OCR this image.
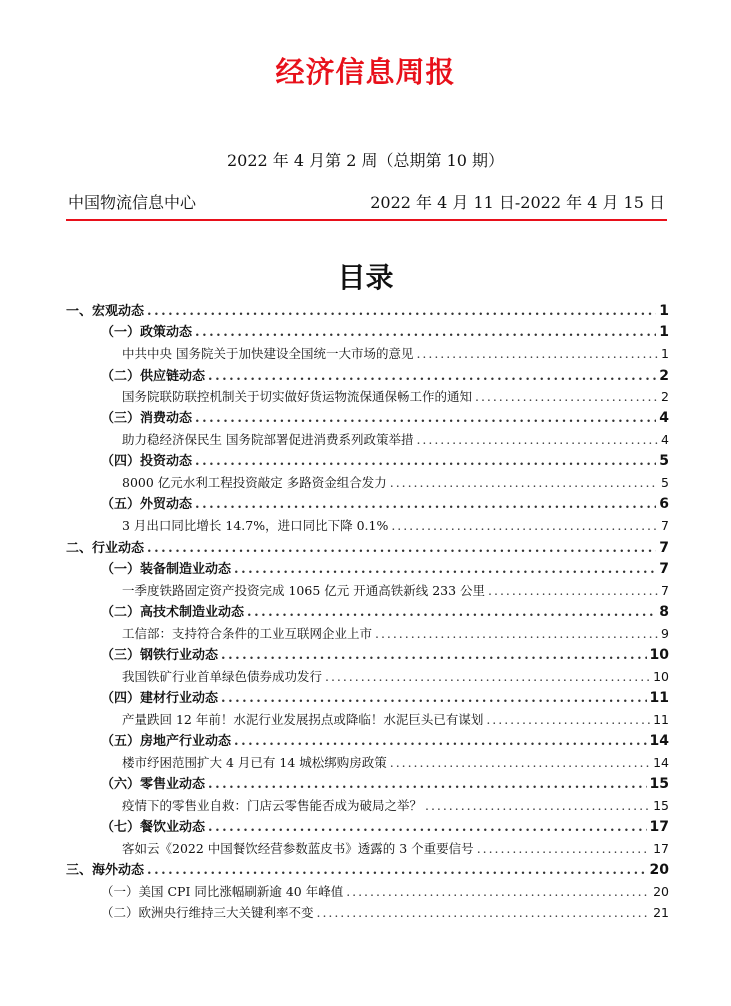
经济信息周报
2022 年 4 月第 2 周（总期第 10 期）
中国物流信息中心	2022 年 4 月 11 日-2022 年 4 月 15 日
目录
一、宏观动态 . . .	1
（一）政策动态 . . .	1
中共中央 国务院关于加快建设全国统一大市场的意见 . . .	1
（二）供应链动态 . . .	2
国务院联防联控机制关于切实做好货运物流保通保畅工作的通知 . . .	2
（三）消费动态 . . .	4
助力稳经济保民生 国务院部署促进消费系列政策举措 . . .	4
（四）投资动态 . . .	5
8000 亿元水利工程投资敲定 多路资金组合发力 . . .	5
（五）外贸动态 . . .	6
3 月出口同比增长 14.7%，进口同比下降 0.1% . . .	7
二、行业动态 . . .	7
（一）装备制造业动态 . . .	7
一季度铁路固定资产投资完成 1065 亿元 开通高铁新线 233 公里 . . .	7
（二）高技术制造业动态 . . .	8
工信部：支持符合条件的工业互联网企业上市 . . .	9
（三）钢铁行业动态 . . .	10
我国铁矿行业首单绿色债券成功发行 . . .	10
（四）建材行业动态 . . .	11
产量跌回 12 年前！水泥行业发展拐点或降临！水泥巨头已有谋划 . . .	11
（五）房地产行业动态 . . .	14
楼市纾困范围扩大 4 月已有 14 城松绑购房政策 . . .	14
（六）零售业动态 . . .	15
疫情下的零售业自救：门店云零售能否成为破局之举？ . . .	15
（七）餐饮业动态 . . .	17
客如云《2022 中国餐饮经营参数蓝皮书》透露的 3 个重要信号 . . .	17
三、海外动态 . . .	20
（一）美国 CPI 同比涨幅刷新逾 40 年峰值 . . .	20
（二）欧洲央行维持三大关键利率不变 . . .	21
